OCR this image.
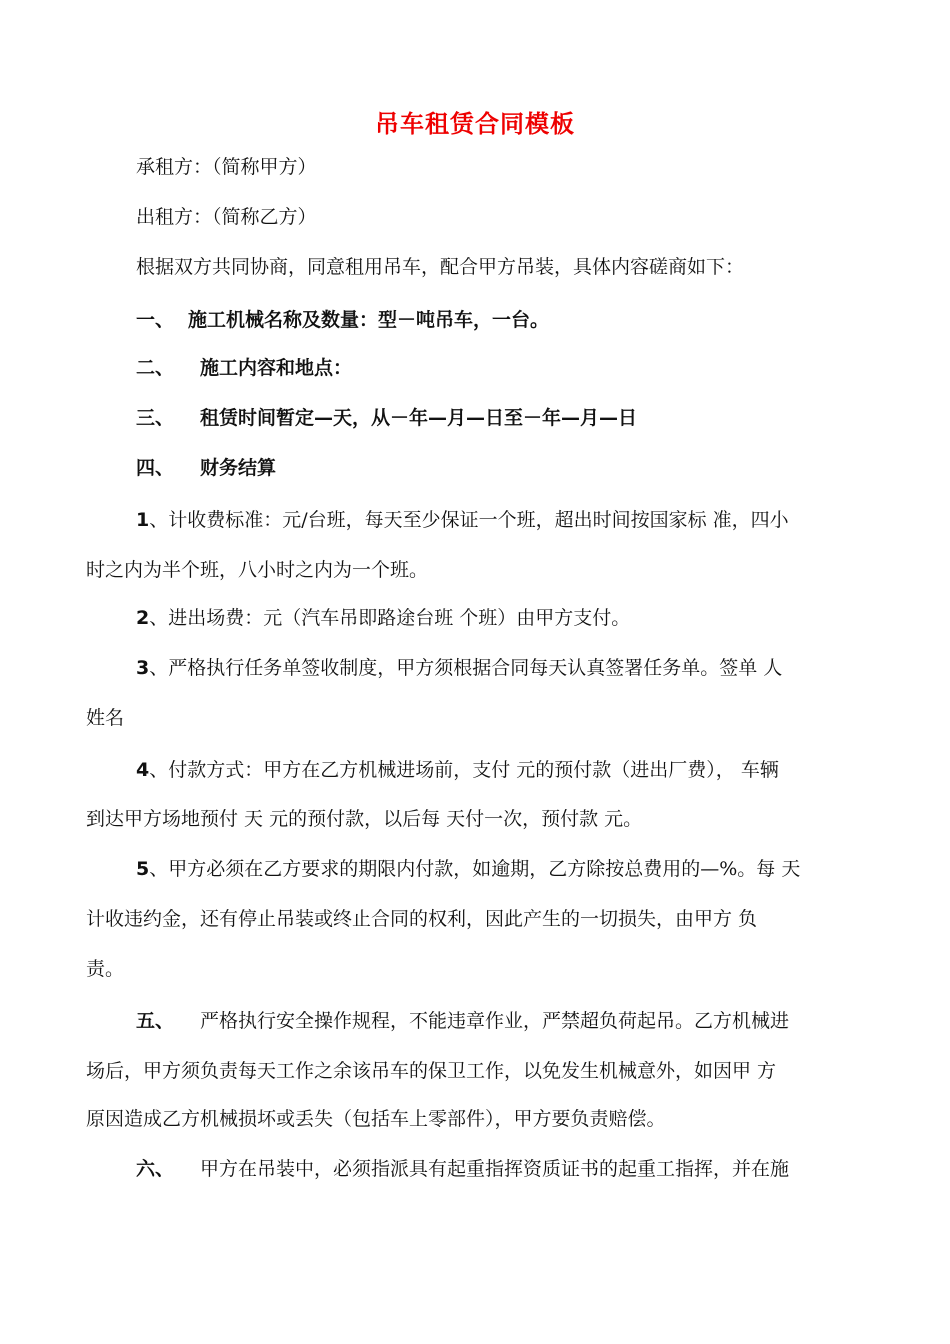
吊车租赁合同模板
承租方：（简称甲方）
出租方：（简称乙方）
根据双方共同协商，同意租用吊车，配合甲方吊装，具体内容磋商如下：
一、 施工机械名称及数量：型－吨吊车，一台。
二、 施工内容和地点：
三、 租赁时间暂定—天，从－年—月—日至－年—月—日
四、 财务结算
1、计收费标准：元/台班，每天至少保证一个班，超出时间按国家标 准，四小
时之内为半个班，八小时之内为一个班。
2、进出场费：元（汽车吊即路途台班 个班）由甲方支付。
3、严格执行任务单签收制度，甲方须根据合同每天认真签署任务单。签单 人
姓名
4、付款方式：甲方在乙方机械进场前，支付 元的预付款（进出厂费）， 车辆
到达甲方场地预付 天 元的预付款，以后每 天付一次，预付款 元。
5、甲方必须在乙方要求的期限内付款，如逾期，乙方除按总费用的—%。每 天
计收违约金，还有停止吊装或终止合同的权利，因此产生的一切损失，由甲方 负
责。
五、 严格执行安全操作规程，不能违章作业，严禁超负荷起吊。乙方机械进
场后，甲方须负责每天工作之余该吊车的保卫工作，以免发生机械意外，如因甲 方
原因造成乙方机械损坏或丢失（包括车上零部件），甲方要负责赔偿。
六、 甲方在吊装中，必须指派具有起重指挥资质证书的起重工指挥，并在施
